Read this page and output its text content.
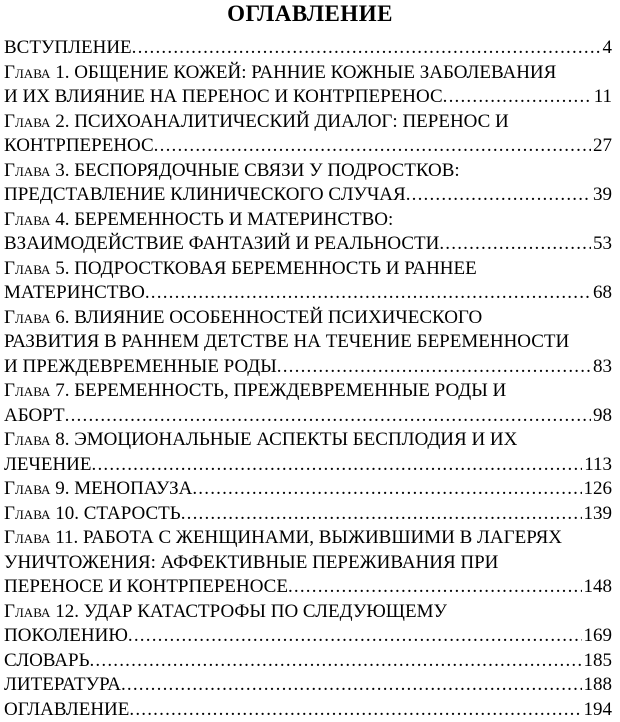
ОГЛАВЛЕНИЕ
ВСТУПЛЕНИЕ .....	4
Глава 1. ОБЩЕНИЕ КОЖЕЙ: РАННИЕ КОЖНЫЕ ЗАБОЛЕВАНИЯ
И ИХ ВЛИЯНИЕ НА ПЕРЕНОС И КОНТРПЕРЕНОС .....	11
Глава 2. ПСИХОАНАЛИТИЧЕСКИЙ ДИАЛОГ: ПЕРЕНОС И
КОНТРПЕРЕНОС .....	27
Глава 3. БЕСПОРЯДОЧНЫЕ СВЯЗИ У ПОДРОСТКОВ:
ПРЕДСТАВЛЕНИЕ КЛИНИЧЕСКОГО СЛУЧАЯ .....	39
Глава 4. БЕРЕМЕННОСТЬ И МАТЕРИНСТВО:
ВЗАИМОДЕЙСТВИЕ ФАНТАЗИЙ И РЕАЛЬНОСТИ .....	53
Глава 5. ПОДРОСТКОВАЯ БЕРЕМЕННОСТЬ И РАННЕЕ
МАТЕРИНСТВО .....	68
Глава 6. ВЛИЯНИЕ ОСОБЕННОСТЕЙ ПСИХИЧЕСКОГО
РАЗВИТИЯ В РАННЕМ ДЕТСТВЕ НА ТЕЧЕНИЕ БЕРЕМЕННОСТИ
И ПРЕЖДЕВРЕМЕННЫЕ РОДЫ .....	83
Глава 7. БЕРЕМЕННОСТЬ, ПРЕЖДЕВРЕМЕННЫЕ РОДЫ И
АБОРТ .....	98
Глава 8. ЭМОЦИОНАЛЬНЫЕ АСПЕКТЫ БЕСПЛОДИЯ И ИХ
ЛЕЧЕНИЕ .....	113
Глава 9. МЕНОПАУЗА .....	126
Глава 10. СТАРОСТЬ .....	139
Глава 11. РАБОТА С ЖЕНЩИНАМИ, ВЫЖИВШИМИ В ЛАГЕРЯХ
УНИЧТОЖЕНИЯ: АФФЕКТИВНЫЕ ПЕРЕЖИВАНИЯ ПРИ
ПЕРЕНОСЕ И КОНТРПЕРЕНОСЕ .....	148
Глава 12. УДАР КАТАСТРОФЫ ПО СЛЕДУЮЩЕМУ
ПОКОЛЕНИЮ .....	169
СЛОВАРЬ .....	185
ЛИТЕРАТУРА .....	188
ОГЛАВЛЕНИЕ .....	194
